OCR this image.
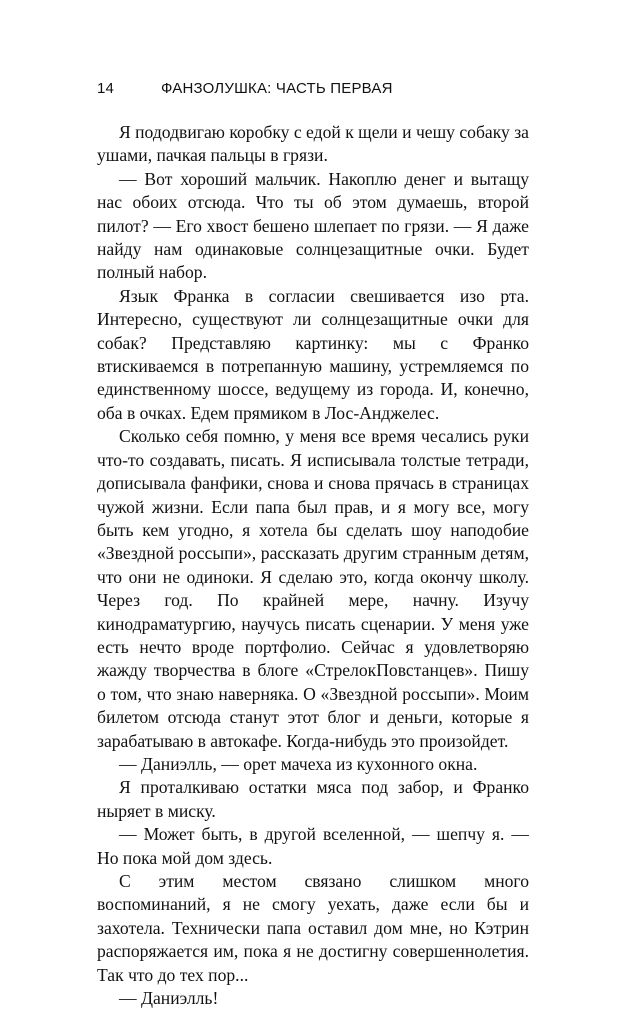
14	ФАНЗОЛУШКА: ЧАСТЬ ПЕРВАЯ

Я пододвигаю коробку с едой к щели и чешу собаку за ушами, пачкая пальцы в грязи.

— Вот хороший мальчик. Накоплю денег и вытащу нас обоих отсюда. Что ты об этом думаешь, второй пилот? — Его хвост бешено шлепает по грязи. — Я даже найду нам одинаковые солнцезащитные очки. Будет полный набор.

Язык Франка в согласии свешивается изо рта. Интересно, существуют ли солнцезащитные очки для собак? Представляю картинку: мы с Франко втискиваемся в потрепанную машину, устремляемся по единственному шоссе, ведущему из города. И, конечно, оба в очках. Едем прямиком в Лос-Анджелес.

Сколько себя помню, у меня все время чесались руки что-то создавать, писать. Я исписывала толстые тетради, дописывала фанфики, снова и снова прячась в страницах чужой жизни. Если папа был прав, и я могу все, могу быть кем угодно, я хотела бы сделать шоу наподобие «Звездной россыпи», рассказать другим странным детям, что они не одиноки. Я сделаю это, когда окончу школу. Через год. По крайней мере, начну. Изучу кинодраматургию, научусь писать сценарии. У меня уже есть нечто вроде портфолио. Сейчас я удовлетворяю жажду творчества в блоге «СтрелокПовстанцев». Пишу о том, что знаю наверняка. О «Звездной россыпи». Моим билетом отсюда станут этот блог и деньги, которые я зарабатываю в автокафе. Когда-нибудь это произойдет.

— Даниэлль, — орет мачеха из кухонного окна.

Я проталкиваю остатки мяса под забор, и Франко ныряет в миску.

— Может быть, в другой вселенной, — шепчу я. — Но пока мой дом здесь.

С этим местом связано слишком много воспоминаний, я не смогу уехать, даже если бы и захотела. Технически папа оставил дом мне, но Кэтрин распоряжается им, пока я не достигну совершеннолетия. Так что до тех пор...

— Даниэлль!
